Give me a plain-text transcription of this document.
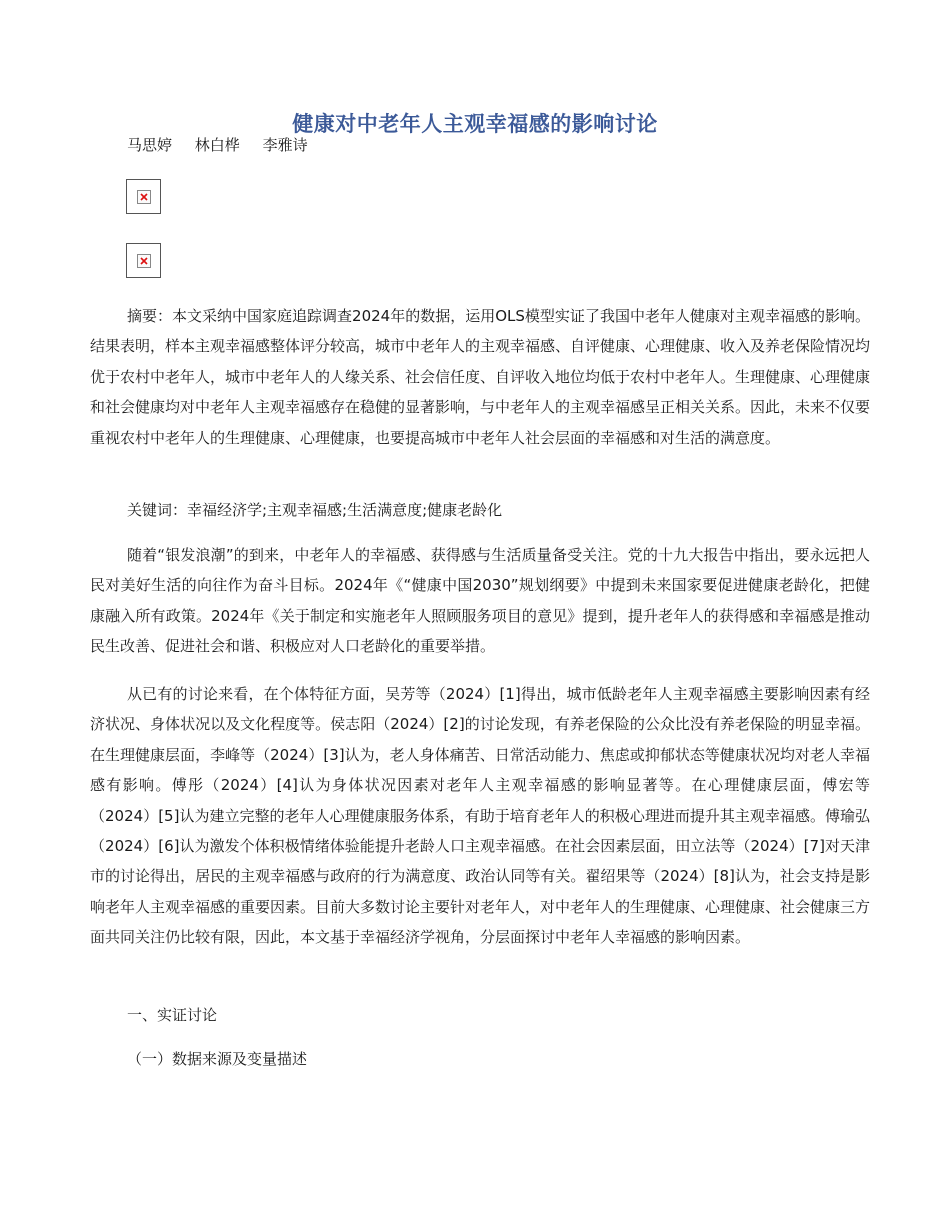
健康对中老年人主观幸福感的影响讨论
马思婷 林白桦 李雅诗

摘要：本文采纳中国家庭追踪调查2024年的数据，运用OLS模型实证了我国中老年人健康对主观幸福感的影响。结果表明，样本主观幸福感整体评分较高，城市中老年人的主观幸福感、自评健康、心理健康、收入及养老保险情况均优于农村中老年人，城市中老年人的人缘关系、社会信任度、自评收入地位均低于农村中老年人。生理健康、心理健康和社会健康均对中老年人主观幸福感存在稳健的显著影响，与中老年人的主观幸福感呈正相关关系。因此，未来不仅要重视农村中老年人的生理健康、心理健康，也要提高城市中老年人社会层面的幸福感和对生活的满意度。

关键词：幸福经济学;主观幸福感;生活满意度;健康老龄化

随着“银发浪潮”的到来，中老年人的幸福感、获得感与生活质量备受关注。党的十九大报告中指出，要永远把人民对美好生活的向往作为奋斗目标。2024年《“健康中国2030”规划纲要》中提到未来国家要促进健康老龄化，把健康融入所有政策。2024年《关于制定和实施老年人照顾服务项目的意见》提到，提升老年人的获得感和幸福感是推动民生改善、促进社会和谐、积极应对人口老龄化的重要举措。

从已有的讨论来看，在个体特征方面，吴芳等（2024）[1]得出，城市低龄老年人主观幸福感主要影响因素有经济状况、身体状况以及文化程度等。侯志阳（2024）[2]的讨论发现，有养老保险的公众比没有养老保险的明显幸福。在生理健康层面，李峰等（2024）[3]认为，老人身体痛苦、日常活动能力、焦虑或抑郁状态等健康状况均对老人幸福感有影响。傅彤（2024）[4]认为身体状况因素对老年人主观幸福感的影响显著等。在心理健康层面，傅宏等（2024）[5]认为建立完整的老年人心理健康服务体系，有助于培育老年人的积极心理进而提升其主观幸福感。傅瑜弘（2024）[6]认为激发个体积极情绪体验能提升老龄人口主观幸福感。在社会因素层面，田立法等（2024）[7]对天津市的讨论得出，居民的主观幸福感与政府的行为满意度、政治认同等有关。翟绍果等（2024）[8]认为，社会支持是影响老年人主观幸福感的重要因素。目前大多数讨论主要针对老年人，对中老年人的生理健康、心理健康、社会健康三方面共同关注仍比较有限，因此，本文基于幸福经济学视角，分层面探讨中老年人幸福感的影响因素。

一、实证讨论

（一）数据来源及变量描述
